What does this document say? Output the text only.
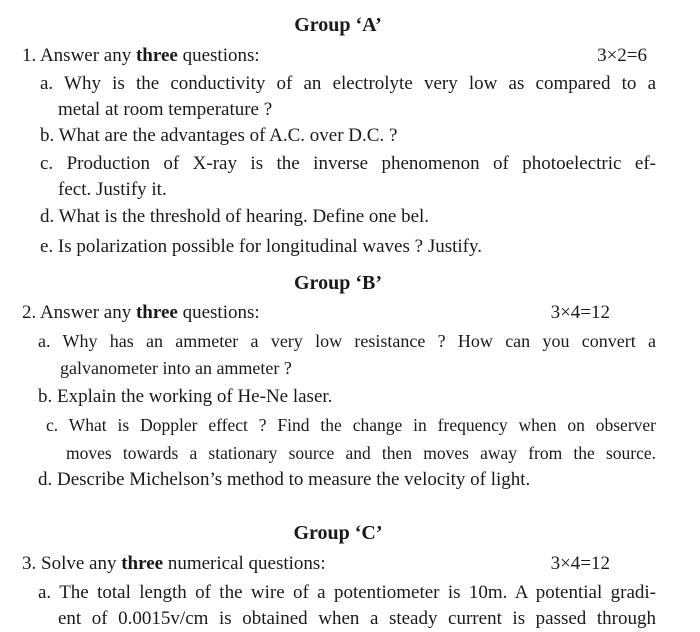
Group ‘A’
1. Answer any three questions:	3×2=6
a. Why is the conductivity of an electrolyte very low as compared to a
metal at room temperature ?
b. What are the advantages of A.C. over D.C. ?
c. Production of X-ray is the inverse phenomenon of photoelectric ef-
fect. Justify it.
d. What is the threshold of hearing. Define one bel.
e. Is polarization possible for longitudinal waves ? Justify.
Group ‘B’
2. Answer any three questions:	3×4=12
a. Why has an ammeter a very low resistance ? How can you convert a
galvanometer into an ammeter ?
b. Explain the working of He-Ne laser.
c. What is Doppler effect ? Find the change in frequency when on observer
moves towards a stationary source and then moves away from the source.
d. Describe Michelson’s method to measure the velocity of light.
Group ‘C’
3. Solve any three numerical questions:	3×4=12
a. The total length of the wire of a potentiometer is 10m. A potential gradi-
ent of 0.0015v/cm is obtained when a steady current is passed through
